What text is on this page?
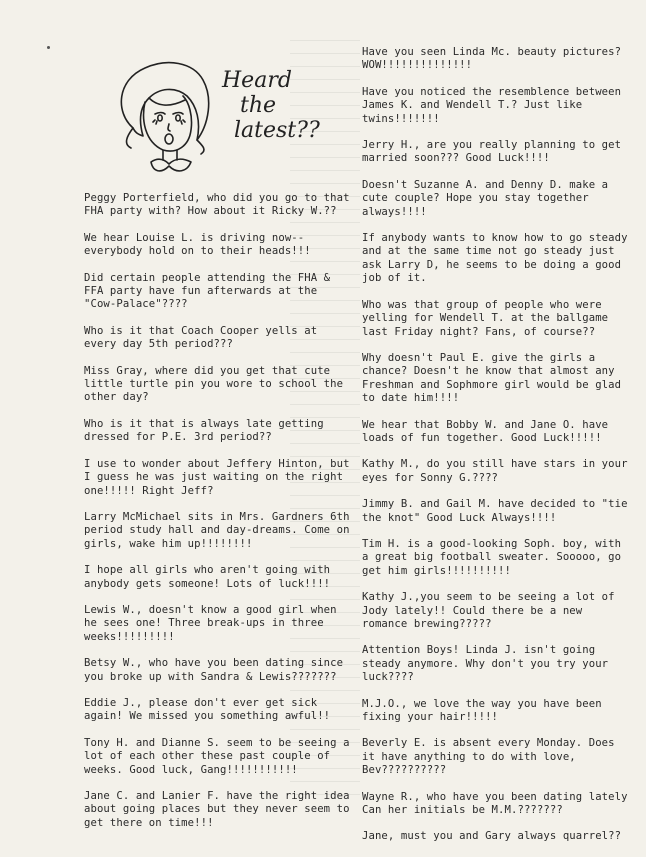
Heard
the
latest??

Peggy Porterfield, who did you go to that FHA party with? How about it Ricky W.??

We hear Louise L. is driving now-- everybody hold on to their heads!!!

Did certain people attending the FHA & FFA party have fun afterwards at the "Cow-Palace"????

Who is it that Coach Cooper yells at every day 5th period???

Miss Gray, where did you get that cute little turtle pin you wore to school the other day?

Who is it that is always late getting dressed for P.E. 3rd period??

I use to wonder about Jeffery Hinton, but I guess he was just waiting on the right one!!!!! Right Jeff?

Larry McMichael sits in Mrs. Gardners 6th period study hall and day-dreams. Come on girls, wake him up!!!!!!!!

I hope all girls who aren't going with anybody gets someone! Lots of luck!!!!

Lewis W., doesn't know a good girl when he sees one! Three break-ups in three weeks!!!!!!!!!

Betsy W., who have you been dating since you broke up with Sandra & Lewis???????

Eddie J., please don't ever get sick again! We missed you something awful!!

Tony H. and Dianne S. seem to be seeing a lot of each other these past couple of weeks. Good luck, Gang!!!!!!!!!!!

Jane C. and Lanier F. have the right idea about going places but they never seem to get there on time!!!

Have you seen Linda Mc. beauty pictures? WOW!!!!!!!!!!!!!!

Have you noticed the resemblence between James K. and Wendell T.? Just like twins!!!!!!!

Jerry H., are you really planning to get married soon??? Good Luck!!!!

Doesn't Suzanne A. and Denny D. make a cute couple? Hope you stay together always!!!!

If anybody wants to know how to go steady and at the same time not go steady just ask Larry D, he seems to be doing a good job of it.

Who was that group of people who were yelling for Wendell T. at the ballgame last Friday night? Fans, of course??

Why doesn't Paul E. give the girls a chance? Doesn't he know that almost any Freshman and Sophmore girl would be glad to date him!!!!

We hear that Bobby W. and Jane O. have loads of fun together. Good Luck!!!!!

Kathy M., do you still have stars in your eyes for Sonny G.????

Jimmy B. and Gail M. have decided to "tie the knot" Good Luck Always!!!!

Tim H. is a good-looking Soph. boy, with a great big football sweater. Sooooo, go get him girls!!!!!!!!!!

Kathy J.,you seem to be seeing a lot of Jody lately!! Could there be a new romance brewing?????

Attention Boys! Linda J. isn't going steady anymore. Why don't you try your luck????

M.J.O., we love the way you have been fixing your hair!!!!!

Beverly E. is absent every Monday. Does it have anything to do with love, Bev??????????

Wayne R., who have you been dating lately Can her initials be M.M.???????

Jane, must you and Gary always quarrel??
